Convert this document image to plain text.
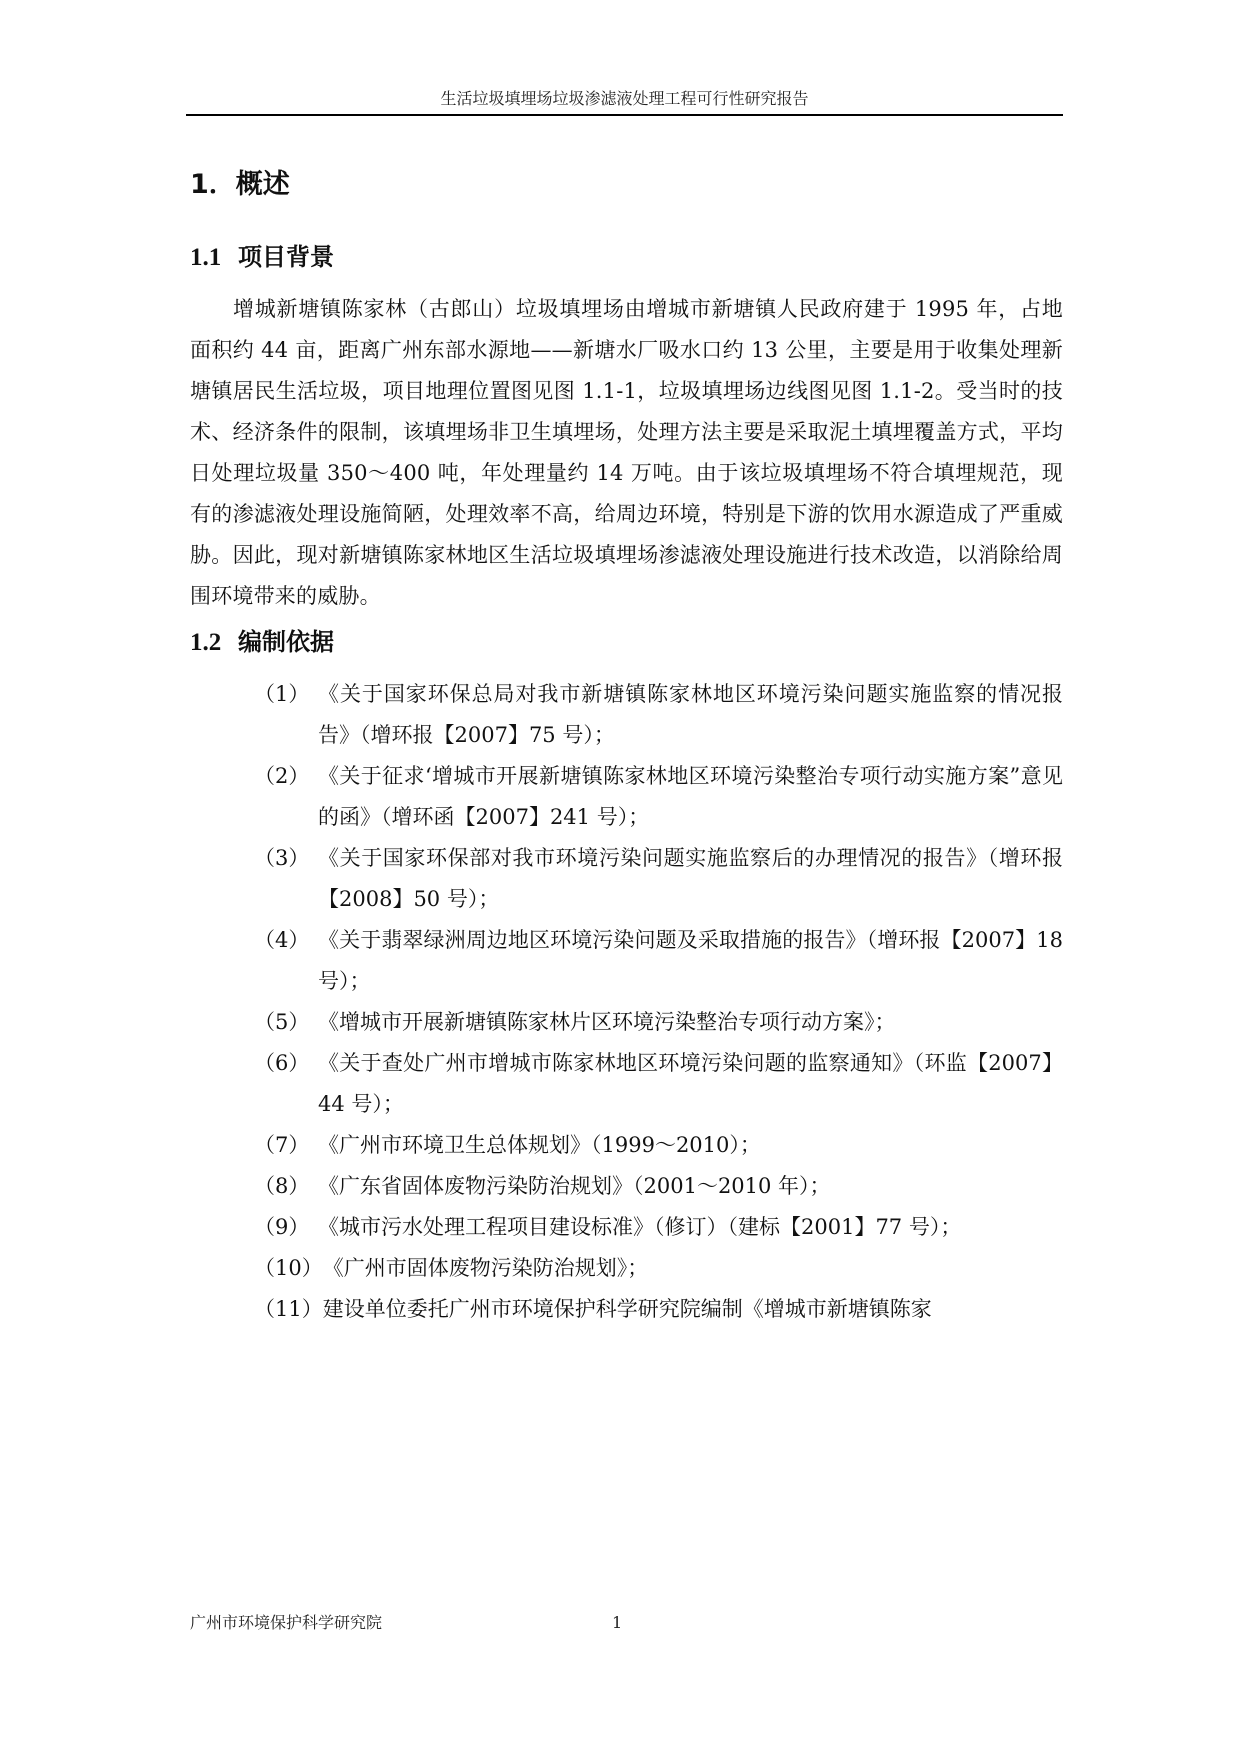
生活垃圾填埋场垃圾渗滤液处理工程可行性研究报告
1．概述
1.1 项目背景

增城新塘镇陈家林（古郎山）垃圾填埋场由增城市新塘镇人民政府建于 1995 年，占地面积约 44 亩，距离广州东部水源地——新塘水厂吸水口约 13 公里，主要是用于收集处理新塘镇居民生活垃圾，项目地理位置图见图 1.1-1，垃圾填埋场边线图见图 1.1-2。受当时的技术、经济条件的限制，该填埋场非卫生填埋场，处理方法主要是采取泥土填埋覆盖方式，平均日处理垃圾量 350～400 吨，年处理量约 14 万吨。由于该垃圾填埋场不符合填埋规范，现有的渗滤液处理设施简陋，处理效率不高，给周边环境，特别是下游的饮用水源造成了严重威胁。因此，现对新塘镇陈家林地区生活垃圾填埋场渗滤液处理设施进行技术改造，以消除给周围环境带来的威胁。

1.2 编制依据
（1） 《关于国家环保总局对我市新塘镇陈家林地区环境污染问题实施监察的情况报告》（增环报【2007】75 号）；
（2） 《关于征求‘增城市开展新塘镇陈家林地区环境污染整治专项行动实施方案”意见的函》（增环函【2007】241 号）；
（3） 《关于国家环保部对我市环境污染问题实施监察后的办理情况的报告》（增环报【2008】50 号）；
（4） 《关于翡翠绿洲周边地区环境污染问题及采取措施的报告》（增环报【2007】18 号）；
（5） 《增城市开展新塘镇陈家林片区环境污染整治专项行动方案》；
（6） 《关于查处广州市增城市陈家林地区环境污染问题的监察通知》（环监【2007】44 号）；
（7） 《广州市环境卫生总体规划》（1999～2010）；
（8） 《广东省固体废物污染防治规划》（2001～2010 年）；
（9） 《城市污水处理工程项目建设标准》（修订）（建标【2001】77 号）；
（10） 《广州市固体废物污染防治规划》；
（11） 建设单位委托广州市环境保护科学研究院编制《增城市新塘镇陈家
广州市环境保护科学研究院	1
